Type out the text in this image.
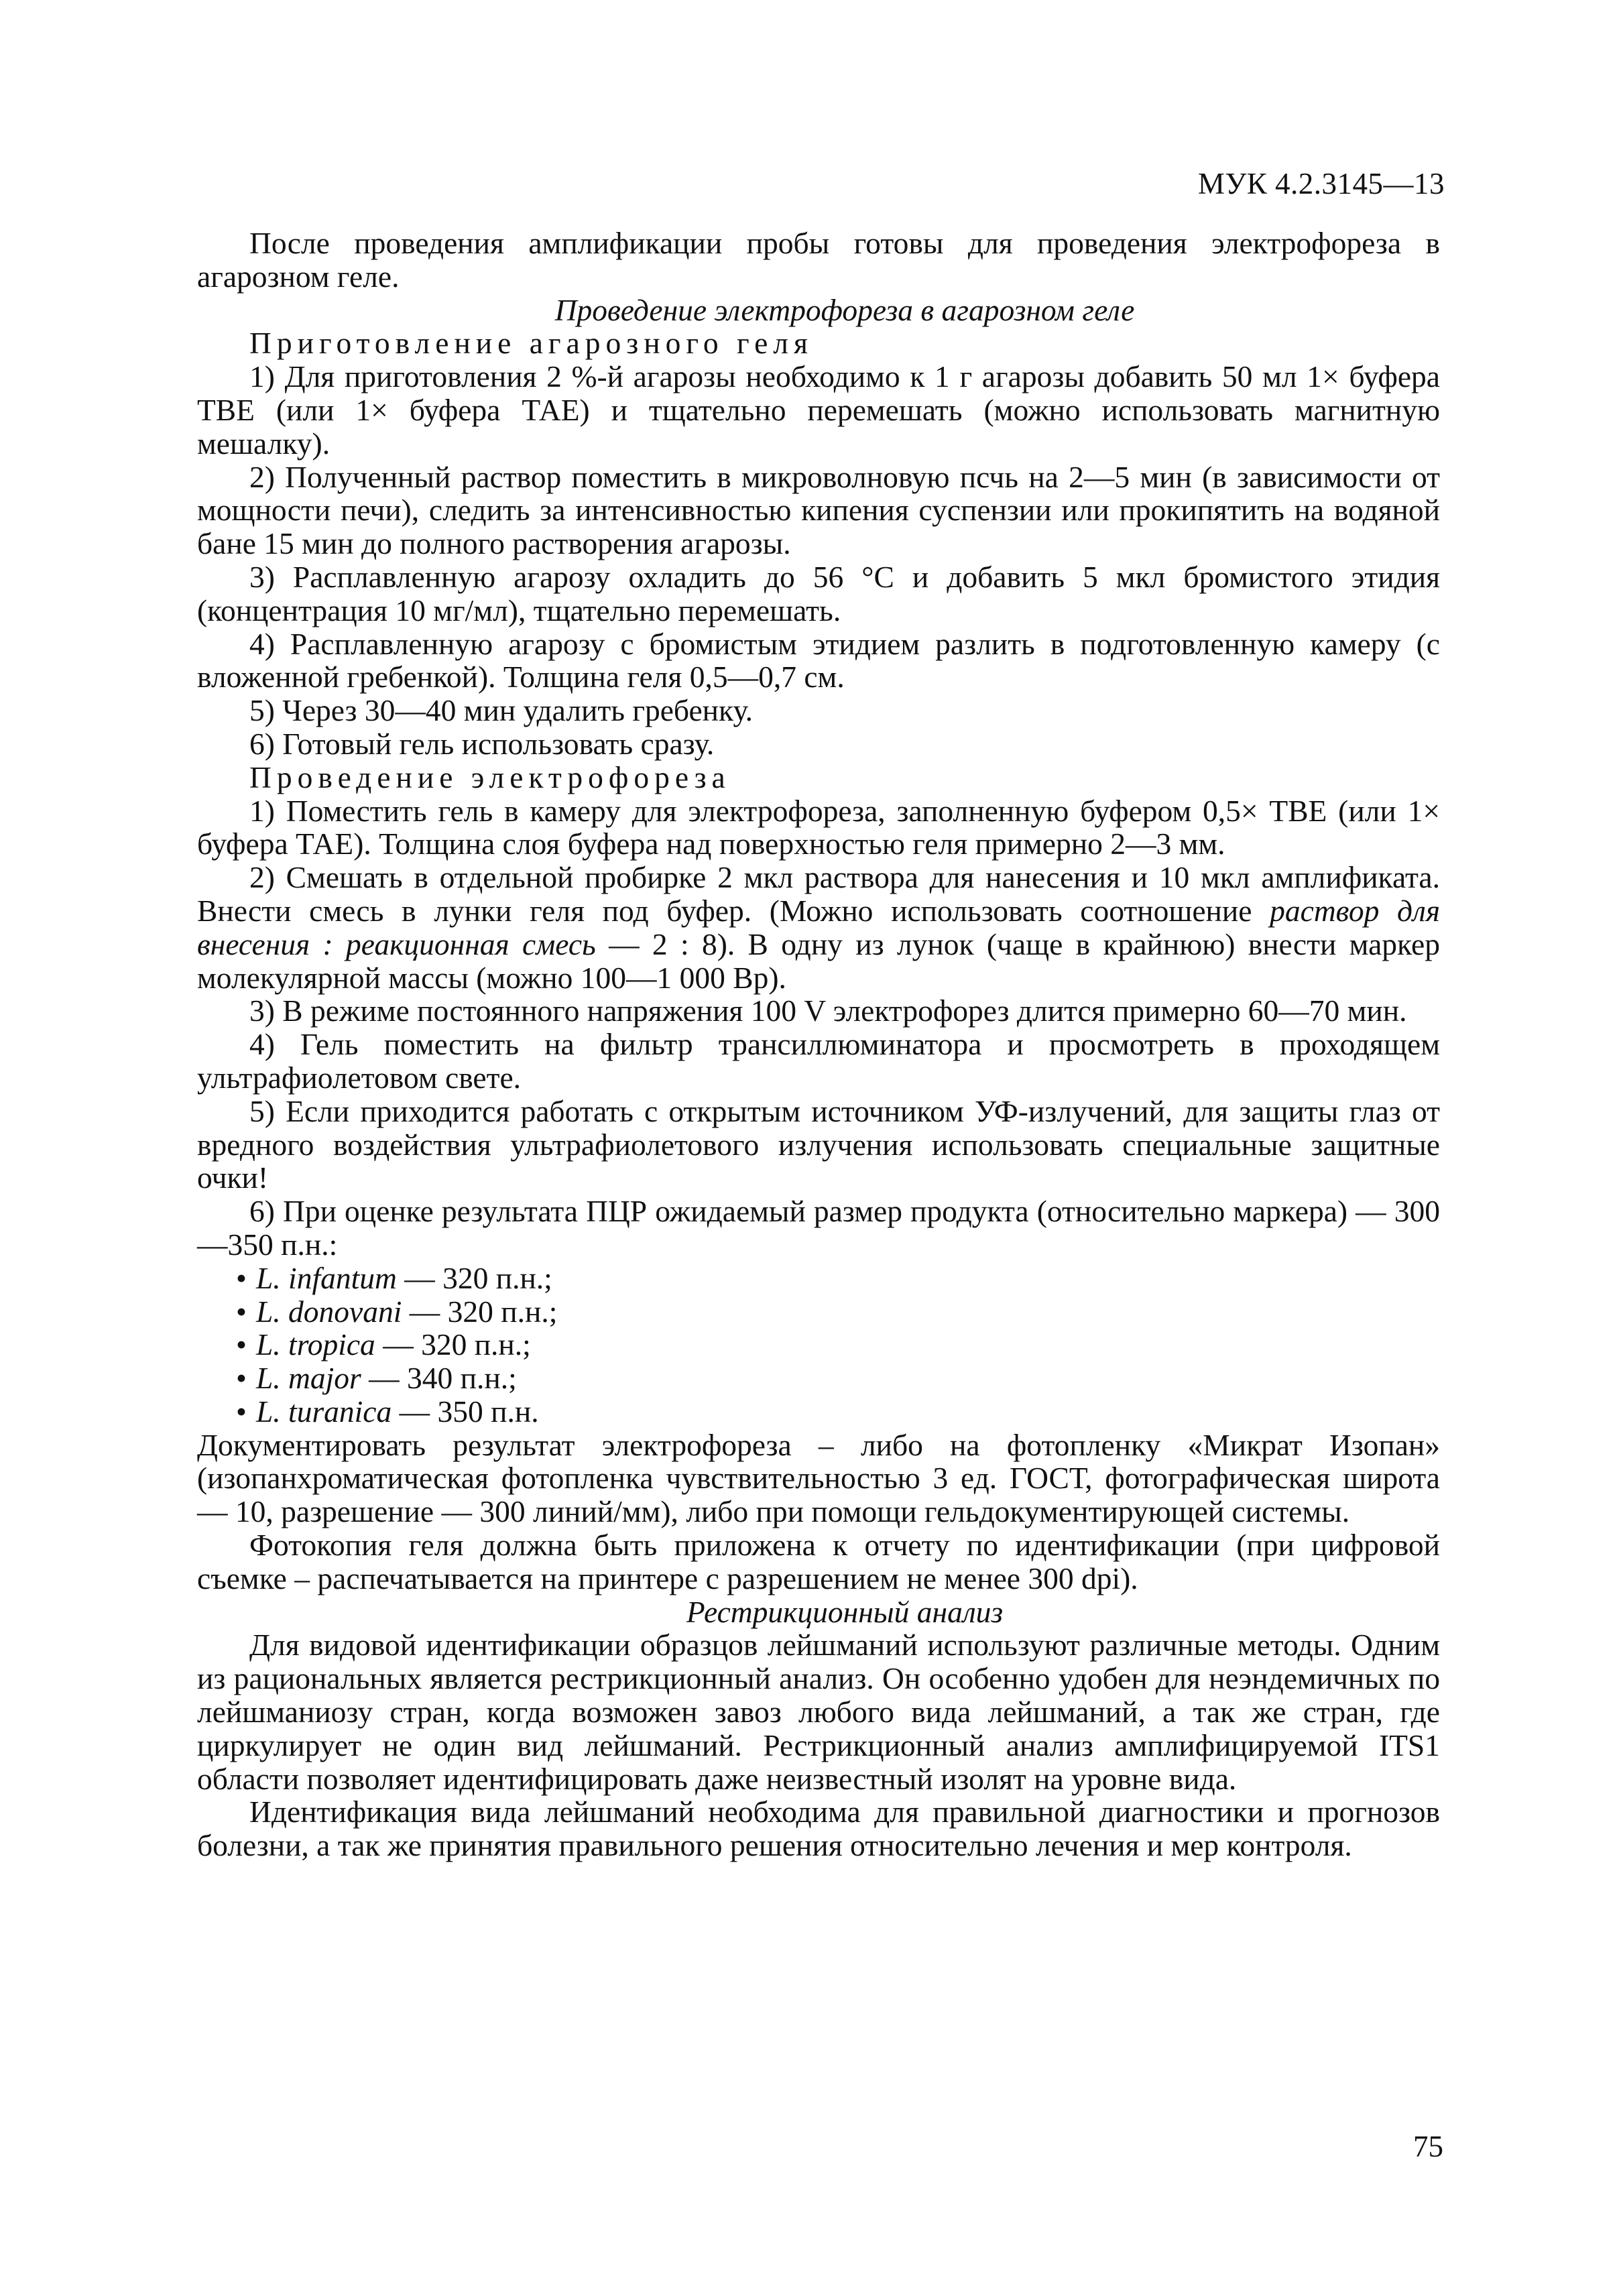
МУК 4.2.3145—13

После проведения амплификации пробы готовы для проведения электрофореза в агарозном геле.

Проведение электрофореза в агарозном геле

Приготовление агарозного геля

1) Для приготовления 2 %-й агарозы необходимо к 1 г агарозы добавить 50 мл 1× буфера ТВЕ (или 1× буфера ТАЕ) и тщательно перемешать (можно использовать магнитную мешалку).

2) Полученный раствор поместить в микроволновую псчь на 2—5 мин (в зависимости от мощности печи), следить за интенсивностью кипения суспензии или прокипятить на водяной бане 15 мин до полного растворения агарозы.

3) Расплавленную агарозу охладить до 56 °С и добавить 5 мкл бромистого этидия (концентрация 10 мг/мл), тщательно перемешать.

4) Расплавленную агарозу с бромистым этидием разлить в подготовленную камеру (с вложенной гребенкой). Толщина геля 0,5—0,7 см.

5) Через 30—40 мин удалить гребенку.

6) Готовый гель использовать сразу.

Проведение электрофореза

1) Поместить гель в камеру для электрофореза, заполненную буфером 0,5× ТВЕ (или 1× буфера ТАЕ). Толщина слоя буфера над поверхностью геля примерно 2—3 мм.

2) Смешать в отдельной пробирке 2 мкл раствора для нанесения и 10 мкл амплификата. Внести смесь в лунки геля под буфер. (Можно использовать соотношение раствор для внесения : реакционная смесь — 2 : 8). В одну из лунок (чаще в крайнюю) внести маркер молекулярной массы (можно 100—1 000 Вр).

3) В режиме постоянного напряжения 100 V электрофорез длится примерно 60—70 мин.

4) Гель поместить на фильтр трансиллюминатора и просмотреть в проходящем ультрафиолетовом свете.

5) Если приходится работать с открытым источником УФ-излучений, для защиты глаз от вредного воздействия ультрафиолетового излучения использовать специальные защитные очки!

6) При оценке результата ПЦР ожидаемый размер продукта (относительно маркера) — 300—350 п.н.:

• L. infantum — 320 п.н.;
• L. donovani — 320 п.н.;
• L. tropica — 320 п.н.;
• L. major — 340 п.н.;
• L. turanica — 350 п.н.

Документировать результат электрофореза – либо на фотопленку «Микрат Изопан» (изопанхроматическая фотопленка чувствительностью 3 ед. ГОСТ, фотографическая широта — 10, разрешение — 300 линий/мм), либо при помощи гельдокументирующей системы.

Фотокопия геля должна быть приложена к отчету по идентификации (при цифровой съемке – распечатывается на принтере с разрешением не менее 300 dpi).

Рестрикционный анализ

Для видовой идентификации образцов лейшманий используют различные методы. Одним из рациональных является рестрикционный анализ. Он особенно удобен для неэндемичных по лейшманиозу стран, когда возможен завоз любого вида лейшманий, а так же стран, где циркулирует не один вид лейшманий. Рестрикционный анализ амплифицируемой ITS1 области позволяет идентифицировать даже неизвестный изолят на уровне вида.

Идентификация вида лейшманий необходима для правильной диагностики и прогнозов болезни, а так же принятия правильного решения относительно лечения и мер контроля.

75
